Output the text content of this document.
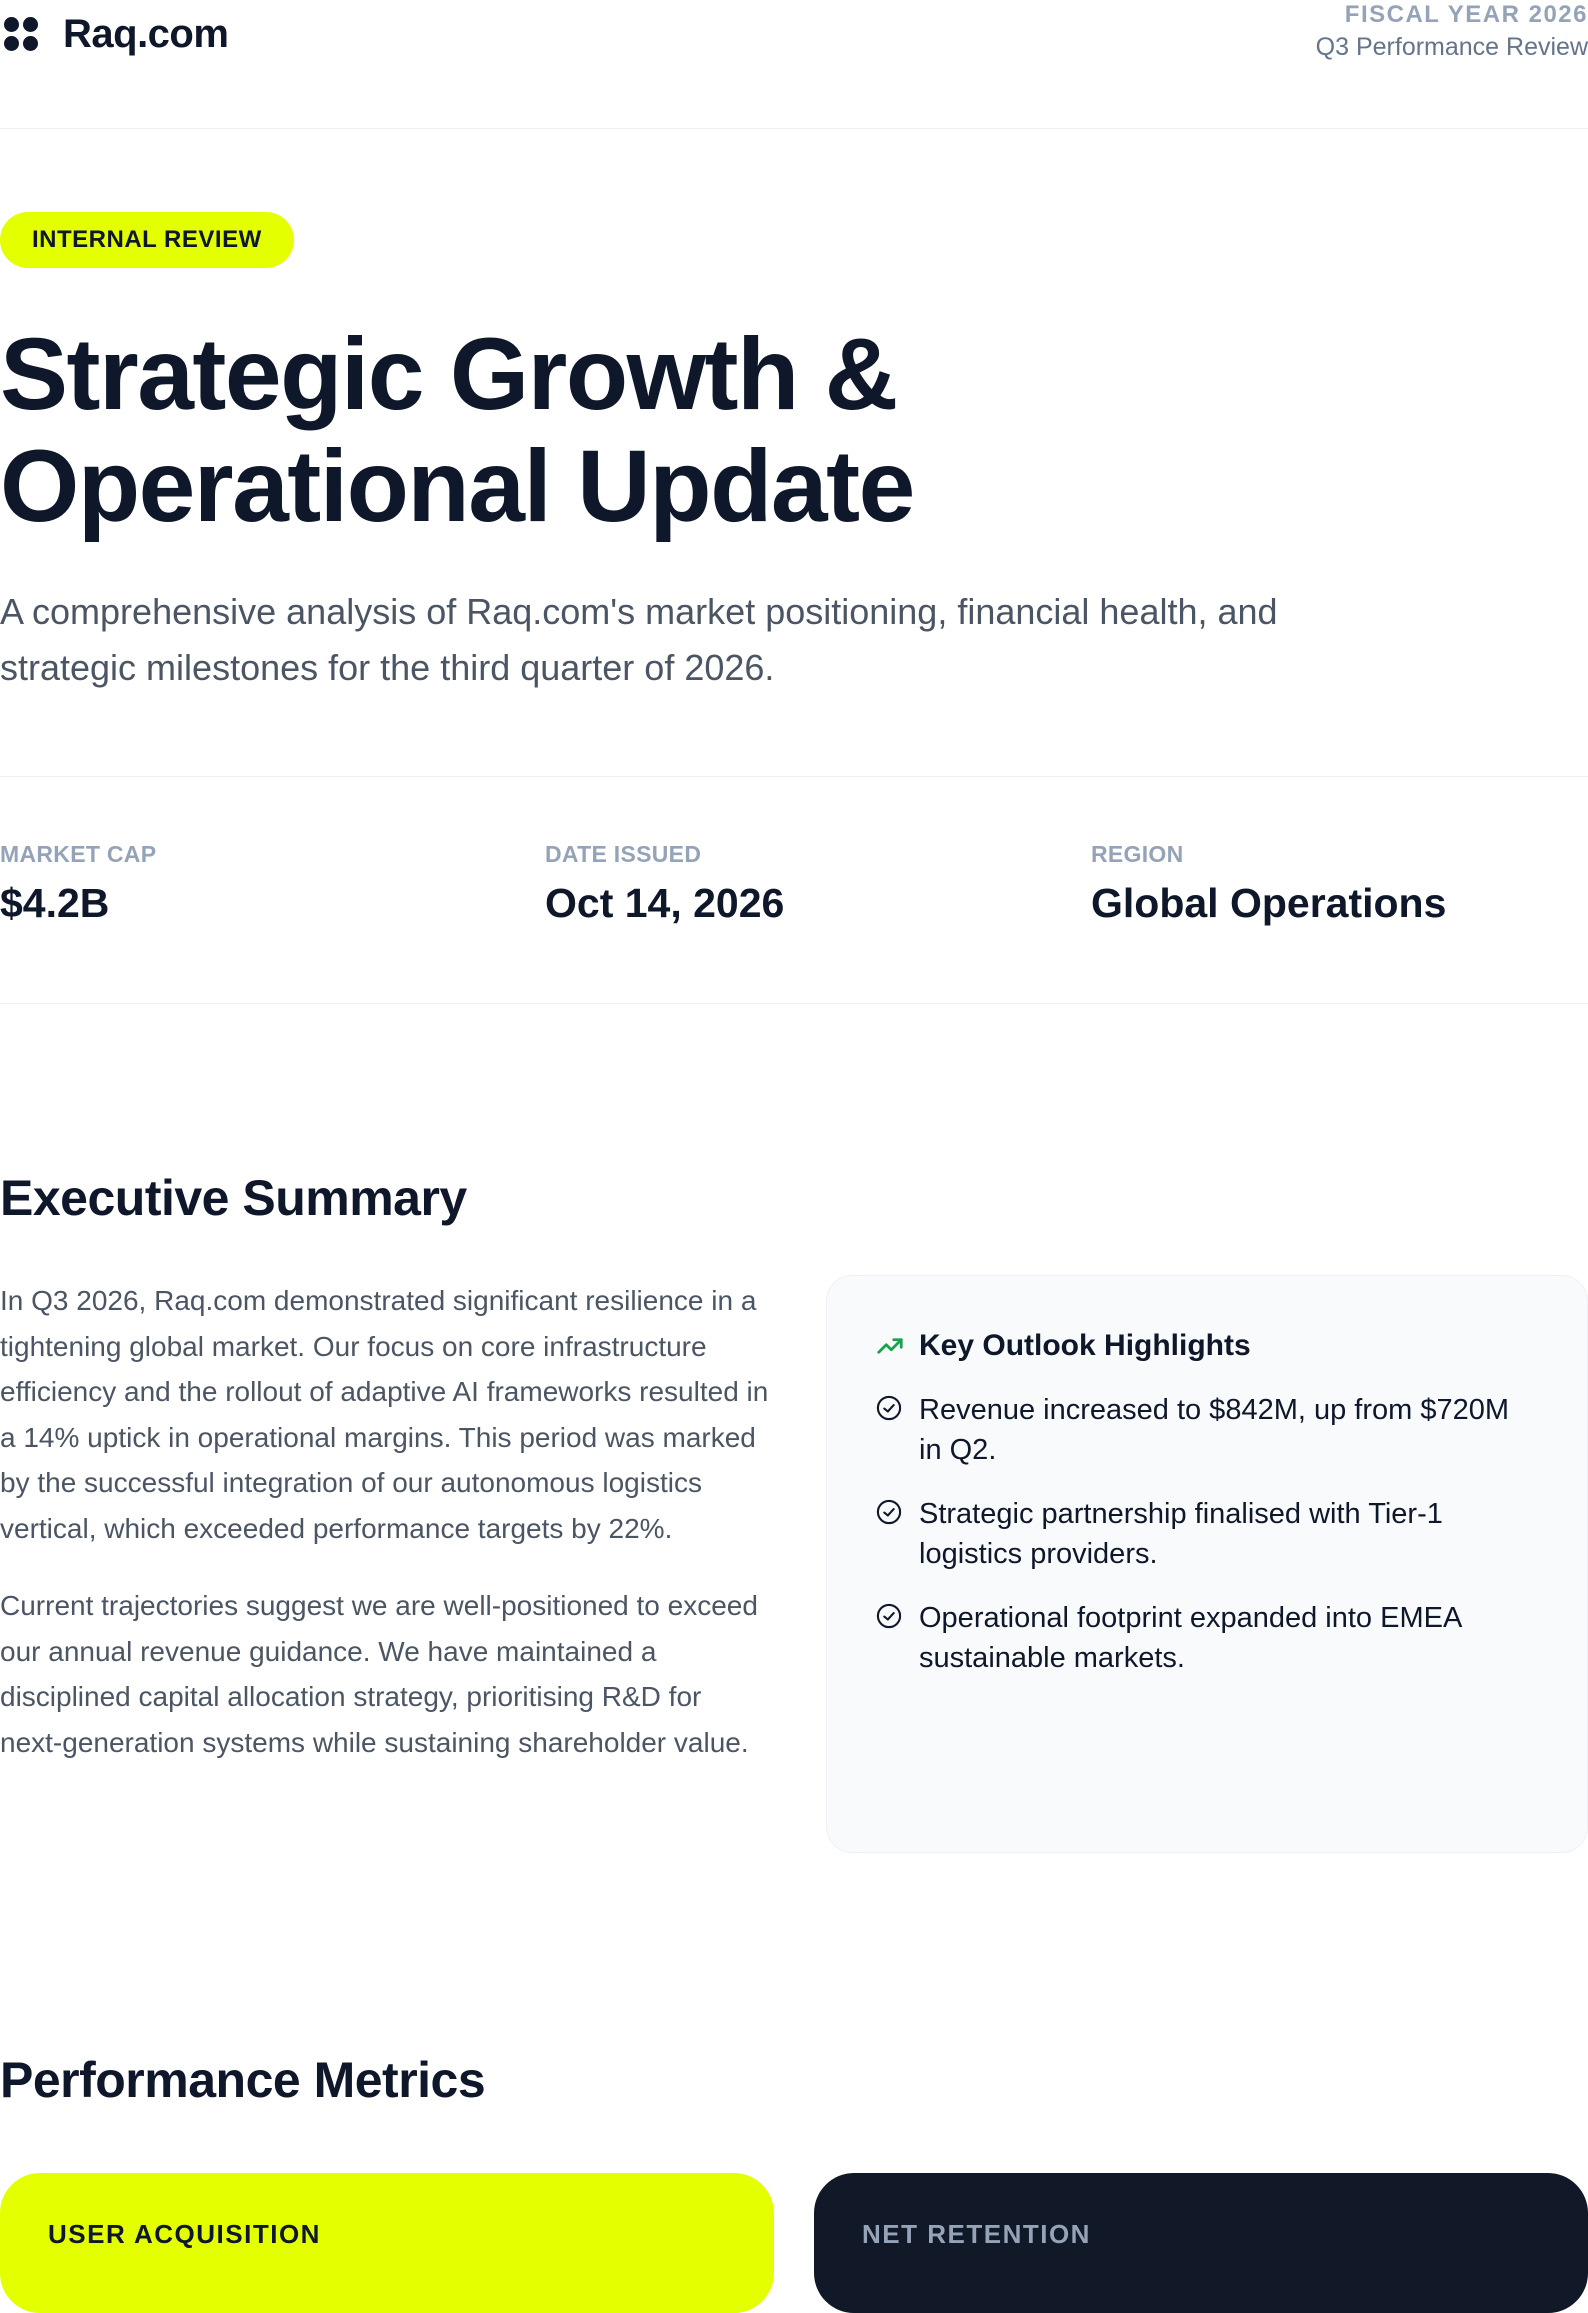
Raq.com	FISCAL YEAR 2026
Q3 Performance Review
INTERNAL REVIEW
Strategic Growth &
Operational Update

A comprehensive analysis of Raq.com's market positioning, financial health, and strategic milestones for the third quarter of 2026.

MARKET CAP
$4.2B
DATE ISSUED
Oct 14, 2026
REGION
Global Operations
Executive Summary

In Q3 2026, Raq.com demonstrated significant resilience in a tightening global market. Our focus on core infrastructure efficiency and the rollout of adaptive AI frameworks resulted in a 14% uptick in operational margins. This period was marked by the successful integration of our autonomous logistics vertical, which exceeded performance targets by 22%.

Current trajectories suggest we are well-positioned to exceed our annual revenue guidance. We have maintained a disciplined capital allocation strategy, prioritising R&D for next-generation systems while sustaining shareholder value.

Key Outlook Highlights
Revenue increased to $842M, up from $720M in Q2.
Strategic partnership finalised with Tier-1 logistics providers.
Operational footprint expanded into EMEA sustainable markets.
Performance Metrics
USER ACQUISITION	NET RETENTION
